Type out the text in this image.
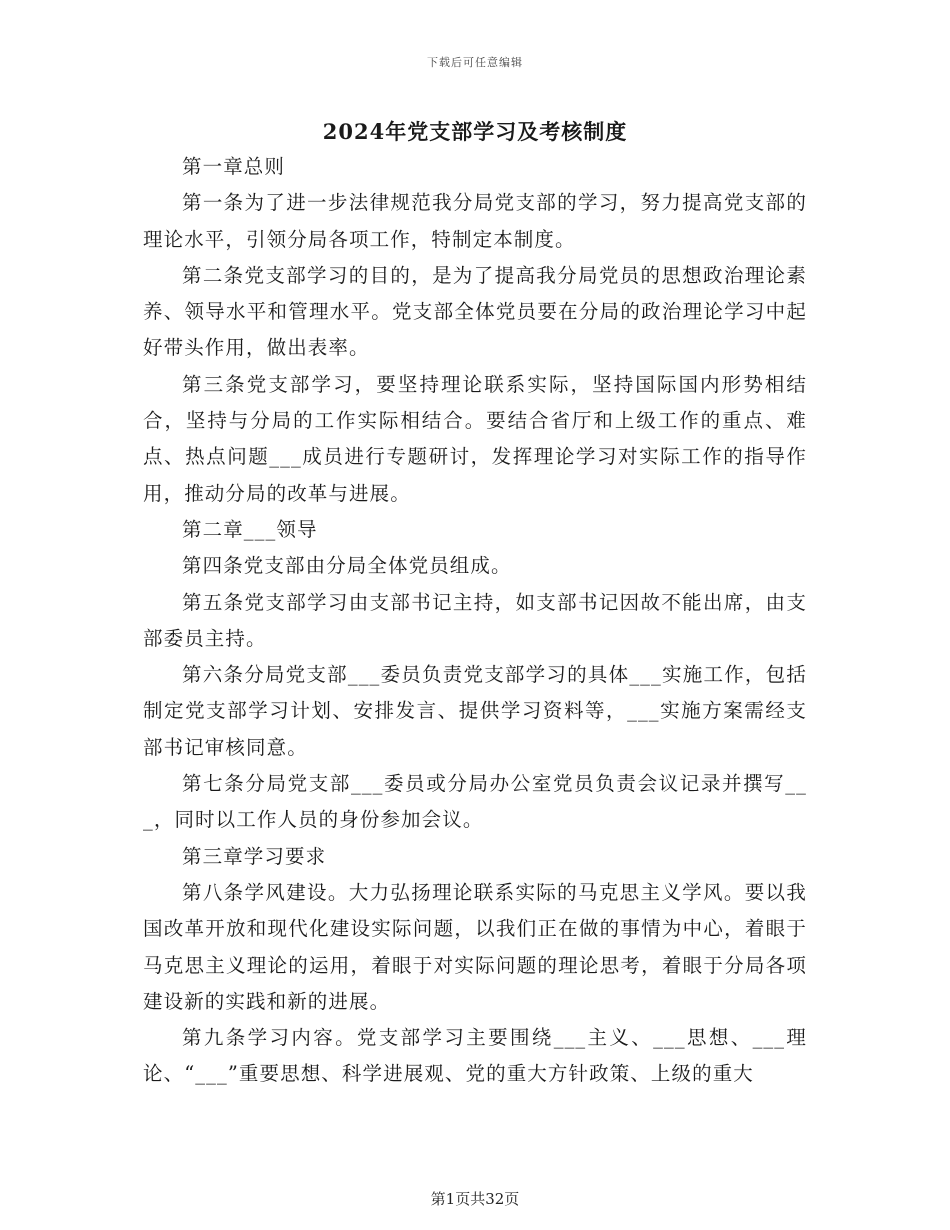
下载后可任意编辑
2024年党支部学习及考核制度

第一章总则

第一条为了进一步法律规范我分局党支部的学习，努力提高党支部的理论水平，引领分局各项工作，特制定本制度。

第二条党支部学习的目的，是为了提高我分局党员的思想政治理论素养、领导水平和管理水平。党支部全体党员要在分局的政治理论学习中起好带头作用，做出表率。

第三条党支部学习，要坚持理论联系实际，坚持国际国内形势相结合，坚持与分局的工作实际相结合。要结合省厅和上级工作的重点、难点、热点问题___成员进行专题研讨，发挥理论学习对实际工作的指导作用，推动分局的改革与进展。

第二章___领导

第四条党支部由分局全体党员组成。

第五条党支部学习由支部书记主持，如支部书记因故不能出席，由支部委员主持。

第六条分局党支部___委员负责党支部学习的具体___实施工作，包括制定党支部学习计划、安排发言、提供学习资料等，___实施方案需经支部书记审核同意。

第七条分局党支部___委员或分局办公室党员负责会议记录并撰写___，同时以工作人员的身份参加会议。

第三章学习要求

第八条学风建设。大力弘扬理论联系实际的马克思主义学风。要以我国改革开放和现代化建设实际问题，以我们正在做的事情为中心，着眼于马克思主义理论的运用，着眼于对实际问题的理论思考，着眼于分局各项建设新的实践和新的进展。

第九条学习内容。党支部学习主要围绕___主义、___思想、___理论、“___”重要思想、科学进展观、党的重大方针政策、上级的重大

第1页共32页
